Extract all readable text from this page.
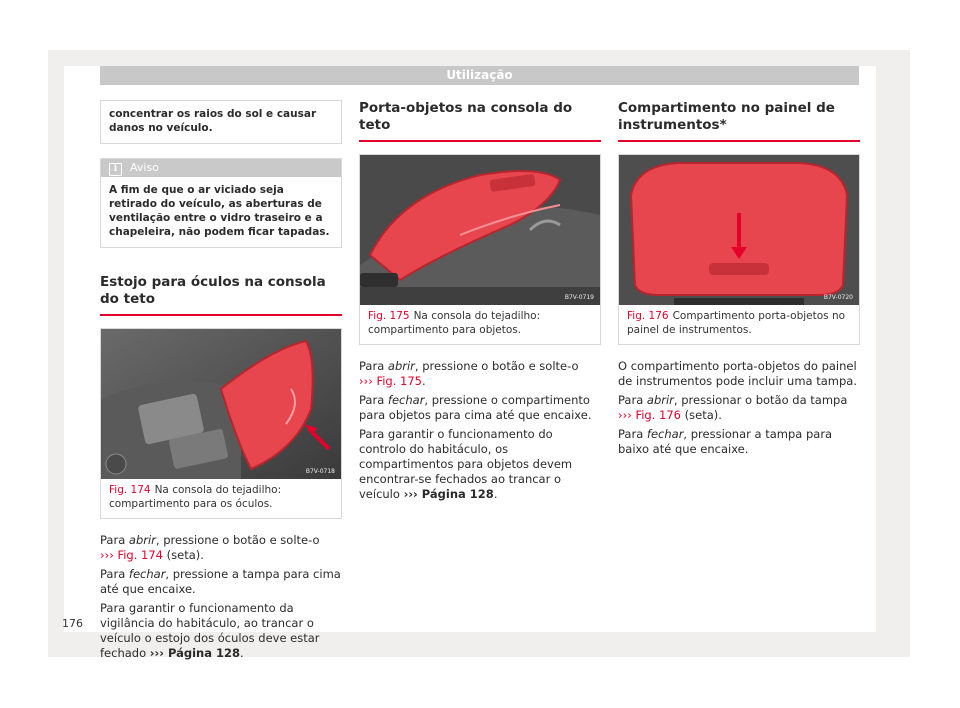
Utilização
concentrar os raios do sol e causar danos no veículo.
i Aviso
A fim de que o ar viciado seja retirado do veículo, as aberturas de ventilação entre o vidro traseiro e a chapeleira, não podem ficar tapadas.
Estojo para óculos na consola do teto
B7V-0718
Fig. 174 Na consola do tejadilho: compartimento para os óculos.

Para abrir, pressione o botão e solte-o
››› Fig. 174 (seta).

Para fechar, pressione a tampa para cima até que encaixe.

Para garantir o funcionamento da vigilância do habitáculo, ao trancar o veículo o estojo dos óculos deve estar fechado ››› Página 128.

Porta-objetos na consola do teto
B7V-0719
Fig. 175 Na consola do tejadilho: compartimento para objetos.

Para abrir, pressione o botão e solte-o
››› Fig. 175.

Para fechar, pressione o compartimento para objetos para cima até que encaixe.

Para garantir o funcionamento do controlo do habitáculo, os compartimentos para objetos devem encontrar-se fechados ao trancar o veículo ››› Página 128.

Compartimento no painel de instrumentos*
B7V-0720
Fig. 176 Compartimento porta-objetos no painel de instrumentos.

O compartimento porta-objetos do painel de instrumentos pode incluir uma tampa.

Para abrir, pressionar o botão da tampa
››› Fig. 176 (seta).

Para fechar, pressionar a tampa para baixo até que encaixe.

176
